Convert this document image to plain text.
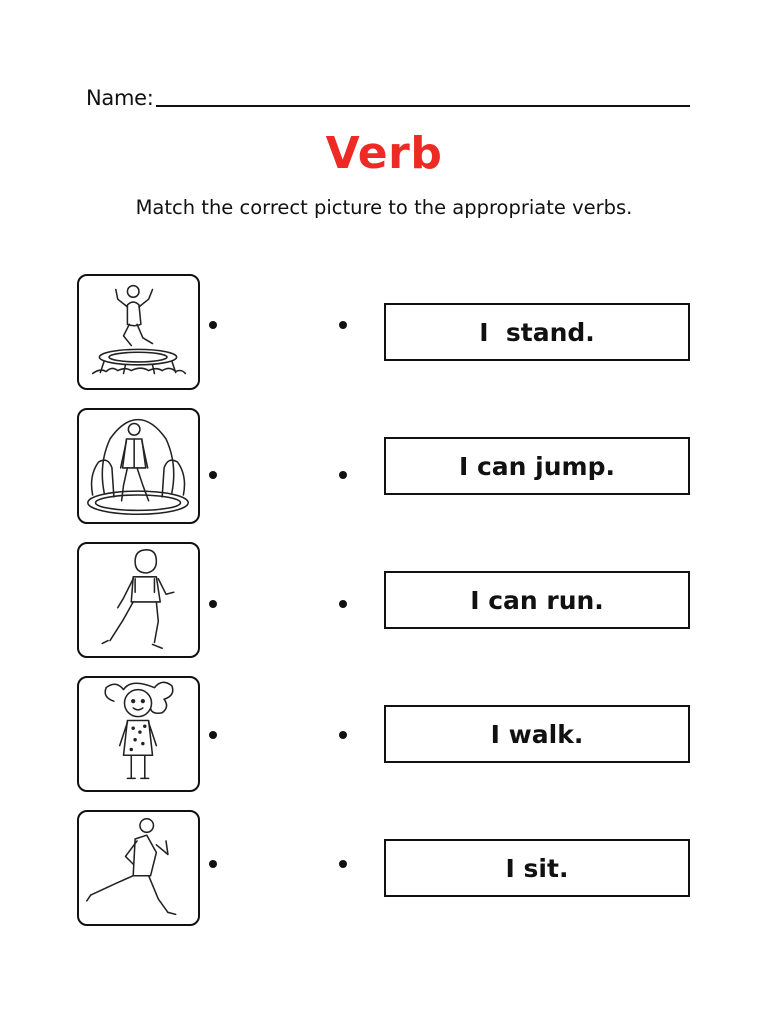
Name:
Verb
Match the correct picture to the appropriate verbs.
I  stand.
I can jump.
I can run.
I walk.
I sit.
